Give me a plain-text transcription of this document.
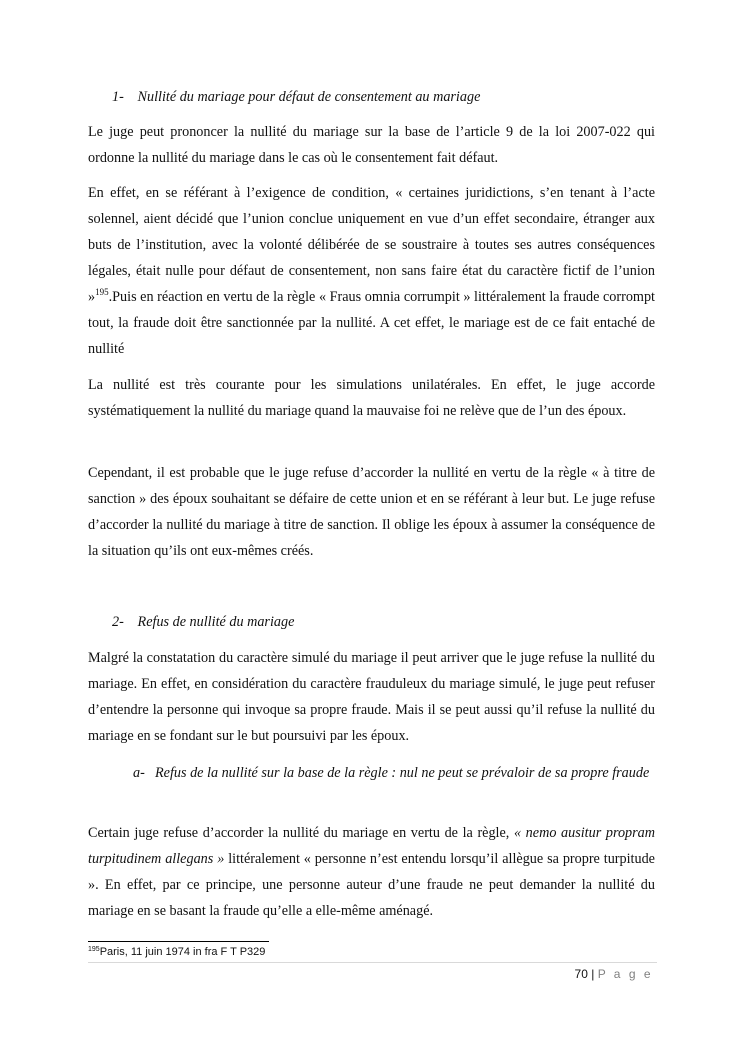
1- Nullité du mariage pour défaut de consentement au mariage
Le juge peut prononcer la nullité du mariage sur la base de l’article 9 de la loi 2007-022 qui ordonne la nullité du mariage dans le cas où le consentement fait défaut.
En effet, en se référant à l’exigence de condition, « certaines juridictions, s’en tenant à l’acte solennel, aient décidé que l’union conclue uniquement en vue d’un effet secondaire, étranger aux buts de l’institution, avec la volonté délibérée de se soustraire à toutes ses autres conséquences légales, était nulle pour défaut de consentement, non sans faire état du caractère fictif de l’union »$^{195}$.Puis en réaction en vertu de la règle « Fraus omnia corrumpit » littéralement la fraude corrompt tout, la fraude doit être sanctionnée par la nullité. A cet effet, le mariage est de ce fait entaché de nullité
La nullité est très courante pour les simulations unilatérales. En effet, le juge accorde systématiquement la nullité du mariage quand la mauvaise foi ne relève que de l’un des époux.
Cependant, il est probable que le juge refuse d’accorder la nullité en vertu de la règle « à titre de sanction » des époux souhaitant se défaire de cette union et en se référant à leur but. Le juge refuse d’accorder la nullité du mariage à titre de sanction. Il oblige les époux à assumer la conséquence de la situation qu’ils ont eux-mêmes créés.
2- Refus de nullité du mariage
Malgré la constatation du caractère simulé du mariage il peut arriver que le juge refuse la nullité du mariage. En effet, en considération du caractère frauduleux du mariage simulé, le juge peut refuser d’entendre la personne qui invoque sa propre fraude. Mais il se peut aussi qu’il refuse la nullité du mariage en se fondant sur le but poursuivi par les époux.
a- Refus de la nullité sur la base de la règle : nul ne peut se prévaloir de sa propre fraude
Certain juge refuse d’accorder la nullité du mariage en vertu de la règle, « nemo ausitur propram turpitudinem allegans » littéralement « personne n’est entendu lorsqu’il allègue sa propre turpitude ». En effet, par ce principe, une personne auteur d’une fraude ne peut demander la nullité du mariage en se basant la fraude qu’elle a elle-même aménagé.
$^{195}$Paris, 11 juin 1974 in fra F T P329
70 | P a g e
